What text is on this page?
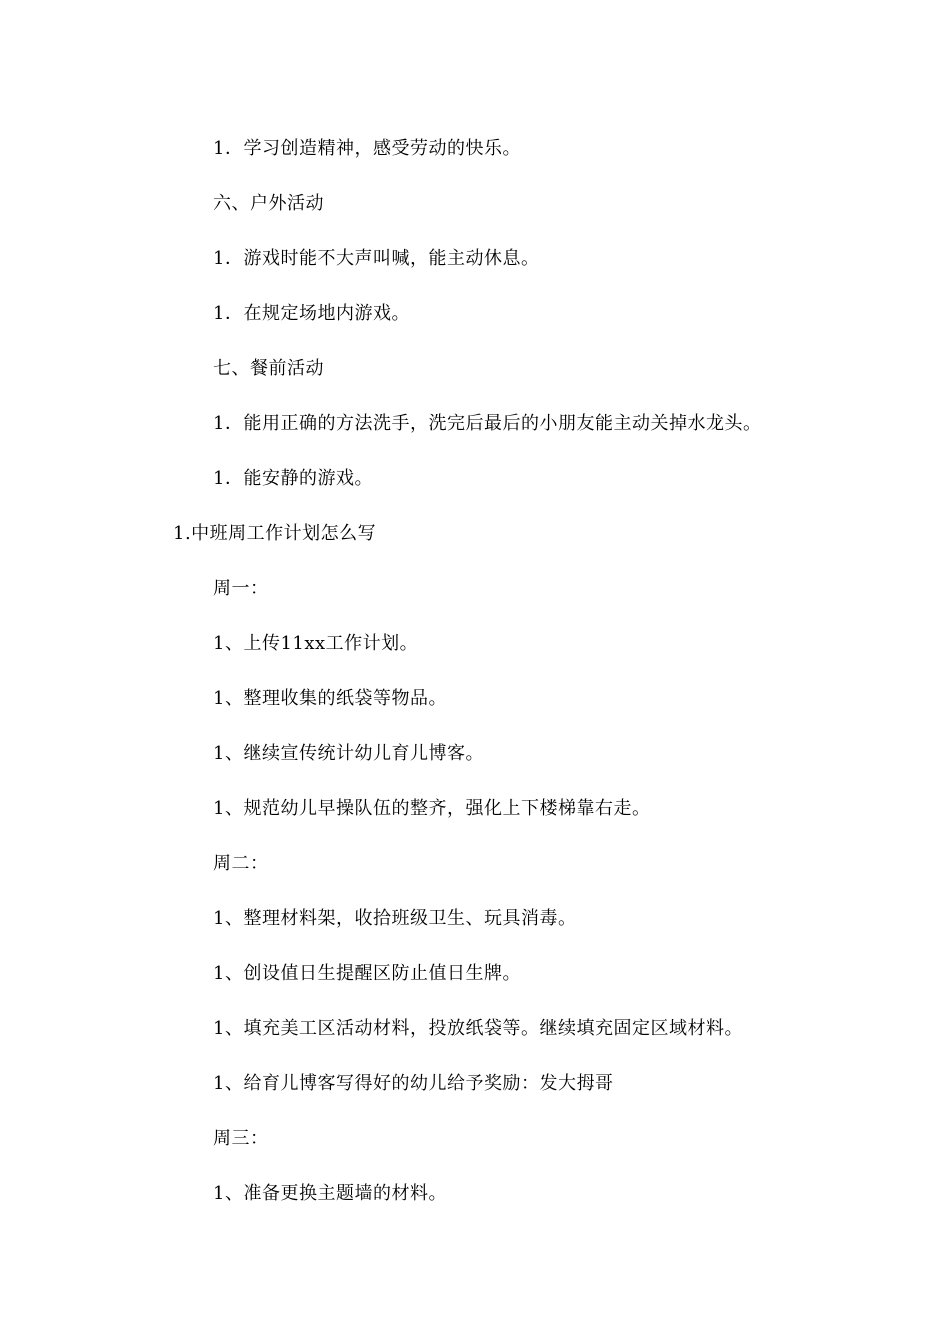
1．学习创造精神，感受劳动的快乐。
六、户外活动
1．游戏时能不大声叫喊，能主动休息。
1．在规定场地内游戏。
七、餐前活动
1．能用正确的方法洗手，洗完后最后的小朋友能主动关掉水龙头。
1．能安静的游戏。
1.中班周工作计划怎么写
周一：
1、上传11xx工作计划。
1、整理收集的纸袋等物品。
1、继续宣传统计幼儿育儿博客。
1、规范幼儿早操队伍的整齐，强化上下楼梯靠右走。
周二：
1、整理材料架，收拾班级卫生、玩具消毒。
1、创设值日生提醒区防止值日生牌。
1、填充美工区活动材料，投放纸袋等。继续填充固定区域材料。
1、给育儿博客写得好的幼儿给予奖励：发大拇哥
周三：
1、准备更换主题墙的材料。
